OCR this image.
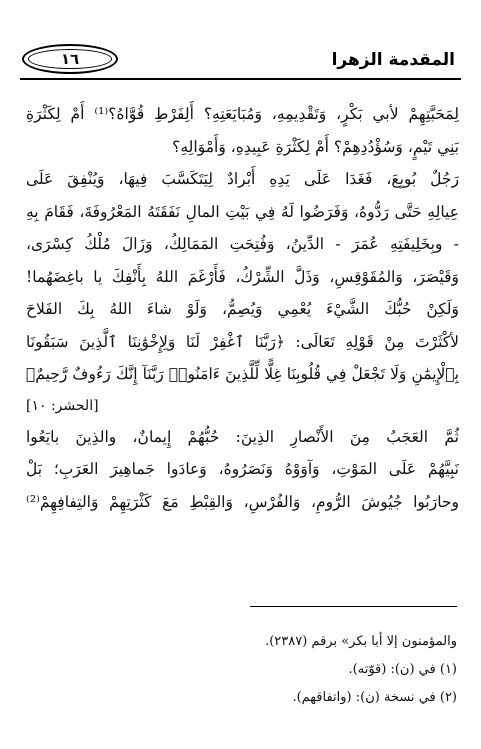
المقدمة الزهرا
١٦
لِمَحَبَّتِهِمْ لأبي بَكْرٍ، وَتَقْدِيمِهِ، وَمُبَايَعَتِهِ؟ أَلِفَرْطِ قُوَّاهُ؟⁽¹⁾ أَمْ لِكَثْرَةِ
بَنِي تَيْمٍ، وَسُؤْدُدِهِمْ؟ أَمْ لِكَثْرَةِ عَبِيدِهِ، وَأَمْوَالِهِ؟
رَجُلٌ بُويِعَ، فَغَدَا عَلَى يَدِهِ أَبْرادٌ لِيَتَكَسَّبَ فِيهَا، وَيُنْفِقَ عَلَى
عِيالِهِ حَتَّى رَدُّوهُ، وَفَرَضُوا لَهُ فِي بَيْتِ المالِ نَفَقَتَهُ المَعْرُوفَةَ، فَقَامَ بِهِ
- وبِخَلِيفَتِهِ عُمَرَ - الدِّينُ، وَفُتِحَتِ المَمَالِكُ، وَزَالَ مُلْكُ كِسْرَى،
وَقَيْصَرَ، وَالمُقَوْقِسِ، وَذَلَّ الشِّرْكُ، فَأَرْغَمَ اللهُ بِأَنْفِكَ يا باغِضَهُما!
وَلَكِنْ حُبُّكَ الشَّيْءَ يُعْمِي وَيُصِمُّ، وَلَوْ شاءَ اللهُ بِكَ الفَلاحَ
لأكْثَرْتَ مِنْ قَوْلِهِ تَعَالَى: ﴿رَبَّنَا ٱغْفِرْ لَنَا وَلِإِخْوَٰنِنَا ٱلَّذِينَ سَبَقُونَا
بِٱلْإِيمَٰنِ وَلَا تَجْعَلْ فِي قُلُوبِنَا غِلًّا لِّلَّذِينَ ءَامَنُوا۟ رَبَّنَآ إِنَّكَ رَءُوفٌ رَّحِيمٌ﴾
[الحشر: ١٠]
ثُمَّ العَجَبُ مِنَ الأَنْصارِ الذِينَ: حُبُّهُمْ إِيمانٌ، والذِينَ بايَعُوا
نَبِيَّهُمْ عَلَى المَوْتِ، وَآوَوْهُ وَنَصَرُوهُ، وَعادَوا جَماهِيرَ العَرَبِ؛ بَلْ
وحارَبُوا جُيُوشَ الرُّومِ، وَالفُرْسِ، وَالقِبْطِ مَعَ كَثْرَتِهِمْ وَالتِفافِهِمْ⁽²⁾
والمؤمنون إلا أبا بكر» برقم (٢٣٨٧).
(١) في (ن): (قوّته).
(٢) في نسخة (ن): (واتفاقهم).
